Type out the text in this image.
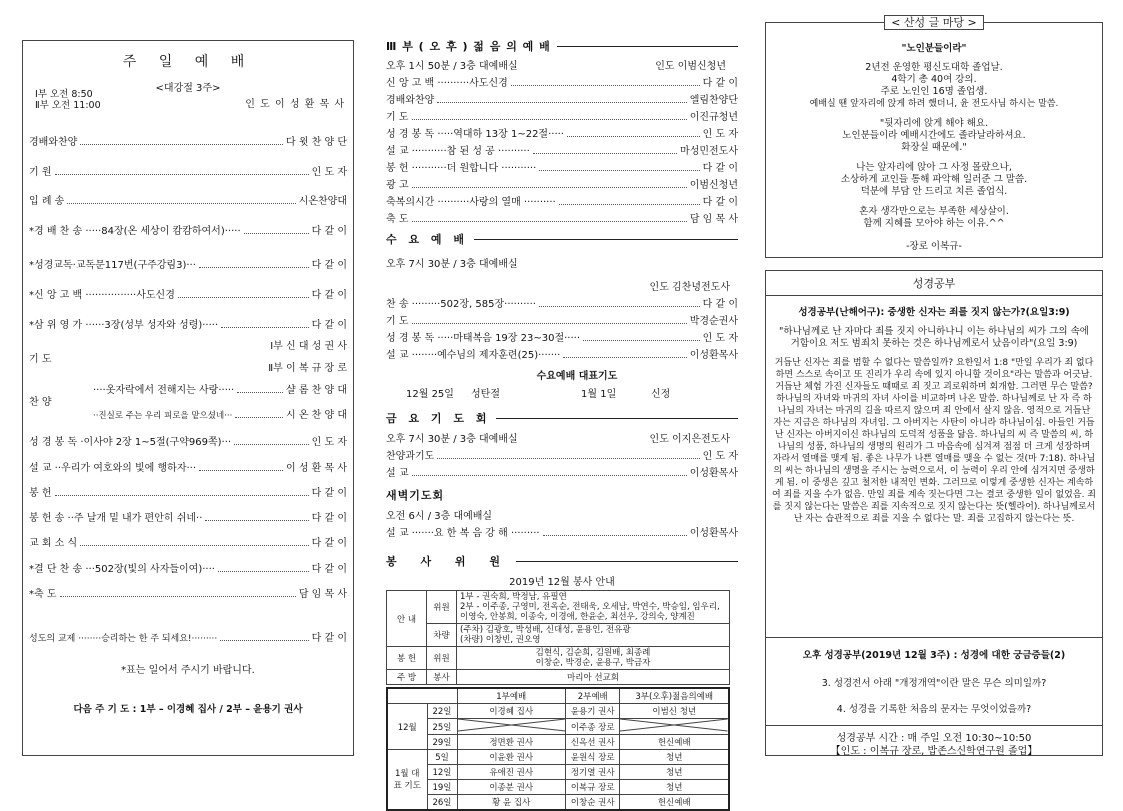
주 일 예 배
<대강절 3주>
Ⅰ부 오전 8:50
Ⅱ부 오전 11:00	인 도 이 성 환 목 사
경배와찬양	다 윗 찬 양 단
기 원	인 도 자
입 례 송	시온찬양대
*경 배 찬 송 ·····84장(온 세상이 캄캄하여서)·····	다 같 이
*성경교독·교독문117번(구주강림3)···	다 같 이
*신 앙 고 백 ················사도신경	다 같 이
*삼 위 영 가 ······3장(성부 성자와 성령)·····	다 같 이
기 도
Ⅰ부 신 대 성 권 사
Ⅱ부 이 복 규 장 로
찬 양
····옷자락에서 전해지는 사랑·····	샬 롬 찬 양 대
··진실로 주는 우리 피로을 맡으셨네···	시 온 찬 양 대
성 경 봉 독 ·이사야 2장 1~5절(구약969쪽)···	인 도 자
설 교 ··우리가 여호와의 빛에 행하자···	이 성 환 목 사
봉 헌	다 같 이
봉 헌 송 ··주 날개 밑 내가 편안히 쉬네··	다 같 이
교 회 소 식	다 같 이
*결 단 찬 송 ···502장(빛의 사자들이여)····	다 같 이
*축 도	담 임 목 사
성도의 교제 ········승리하는 한 주 되세요!·········	다 같 이
*표는 일어서 주시기 바랍니다.
다음 주 기 도 : 1부 – 이경혜 집사 / 2부 – 윤용기 권사
Ⅲ 부 ( 오 후 ) 젊 음 의 예 배
오후 1시 50분 / 3층 대예배실	인도 이범신청년
신 앙 고 백 ··········사도신경	다 같 이
경배와찬양	엘림찬양단
기 도	이진규청년
성 경 봉 독 ·····역대하 13장 1~22절·····	인 도 자
설 교 ···········참 된 성 공 ··········	마성민전도사
봉 헌 ···········더 원합니다 ···········	다 같 이
광 고	이범신청년
축복의시간 ··········사랑의 열매 ··········	다 같 이
축 도	담 임 목 사
수 요 예 배
오후 7시 30분 / 3층 대예배실
인도 김찬녕전도사
찬 송 ·········502장, 585장··········	다 같 이
기 도	박경순권사
성 경 봉 독 ·····마태복음 19장 23~30절·····	인 도 자
설 교 ········예수님의 제자훈련(25)·······	이성환목사
수요예배 대표기도
12월 25일	성탄절	1월 1일	신정
금 요 기 도 회
오후 7시 30분 / 3층 대예배실	인도 이지은전도사
찬양과기도	인 도 자
설 교	이성환목사
새벽기도회
오전 6시 / 3층 대예배실
설 교 ·······요 한 복 음 강 해 ·········	이성환목사
봉 사 위 원
2019년 12월 봉사 안내
안 내	위원	1부 - 권숙희, 박정남, 유필연
2부 - 이주종, 구영미, 전옥순, 전태욱, 오세남, 박연수, 박승임, 임우리, 이영숙, 안봉희, 이종숙, 이경애, 한윤순, 최선우, 강의숙, 양계진

	차량	(주차) 김광호, 박성배, 신대성, 윤용인, 전유광
(차량) 이창빈, 권오영

봉 헌	위원	김현식, 김순희, 김원배, 최종례
이창순, 박경순, 윤용구, 박금자

주 방	봉사	마리아 선교회
		1부예배	2부예배	3부(오후)젊음의예배
12월	22일	이경혜 집사	윤용기 권사	이범신 청년
	25일		이주종 장로	
	29일	정면환 권사	신옥선 권사	헌신예배
1월 대표 기도	5일	이윤환 권사	윤원식 장로	청년
	12일	유애진 권사	정기열 권사	청년
	19일	이종분 권사	이복규 장로	청년
	26일	황 윤 집사	이창순 권사	헌신예배
< 산성 글 마당 >
"노인분들이라"
2년전 운영한 평신도대학 졸업날.
4학기 총 40여 강의.
주로 노인인 16명 졸업생.
예배실 땐 앞자리에 앉게 하려 했더니, 윤 전도사님 하시는 말씀.
"뒷자리에 앉게 해야 해요.
노인분들이라 예배시간에도 졸라날라하셔요.
화장실 때문에."
나는 앞자리에 앉아 그 사정 몰랐으나,
소상하게 교인들 통해 파악해 일러준 그 말씀.
덕분에 부담 안 드리고 치른 졸업식.
혼자 생각만으로는 부족한 세상살이.
함께 지혜를 모아야 하는 이유.^^
-장로 이복규-
성경공부
성경공부(난해어구): 중생한 신자는 죄를 짓지 않는가?(요일3:9)
"하나님께로 난 자마다 죄를 짓지 아니하나니 이는 하나님의 씨가 그의 속에 거함이요 저도 범죄치 못하는 것은 하나님께로서 났음이라"(요일 3:9)
거듭난 신자는 죄를 범할 수 없다는 말씀일까? 요한일서 1:8 "만일 우리가 죄 없다 하면 스스로 속이고 또 진리가 우리 속에 있지 아니할 것이요"라는 말씀과 어긋남. 거듭난 체험 가진 신자들도 때때로 죄 짓고 괴로워하며 회개함. 그러면 무슨 말씀? 하나님의 자녀와 마귀의 자녀 사이를 비교하며 나온 말씀. 하나님께로 난 자 즉 하나님의 자녀는 마귀의 길을 따르지 않으며 죄 안에서 살지 않음. 영적으로 거듭난 자는 지금은 하나님의 자녀임. 그 아버지는 사탄이 아니라 하나님이심. 아들인 거듭난 신자는 아버지이신 하나님의 도덕적 성품을 닮음. 하나님의 씨 즉 말씀의 씨, 하나님의 성품, 하나님의 생명의 원리가 그 마음속에 심겨져 점점 더 크게 성장하며 자라서 열매를 맺게 됨. 좋은 나무가 나쁜 열매를 맺을 수 없는 것(마 7:18). 하나님의 씨는 하나님의 생명을 주시는 능력으로서, 이 능력이 우리 안에 심겨지면 중생하게 됨. 이 중생은 깊고 철저한 내적인 변화. 그러므로 이렇게 중생한 신자는 계속하여 죄를 지을 수가 없음. 만일 죄를 계속 짓는다면 그는 결코 중생한 일이 없었음. 죄를 짓지 않는다는 말씀은 죄를 지속적으로 짓지 않는다는 뜻(헬라어). 하나님께로서 난 자는 습관적으로 죄를 지을 수 없다는 말. 죄를 고집하지 않는다는 뜻.
오후 성경공부(2019년 12월 3주) : 성경에 대한 궁금증들(2)
3. 성경전서 아래 "개정개역"이란 말은 무슨 의미일까?
4. 성경을 기록한 처음의 문자는 무엇이었을까?
성경공부 시간 : 매 주일 오전 10:30~10:50
【인도 : 이복규 장로, 밥존스신학연구원 졸업】
